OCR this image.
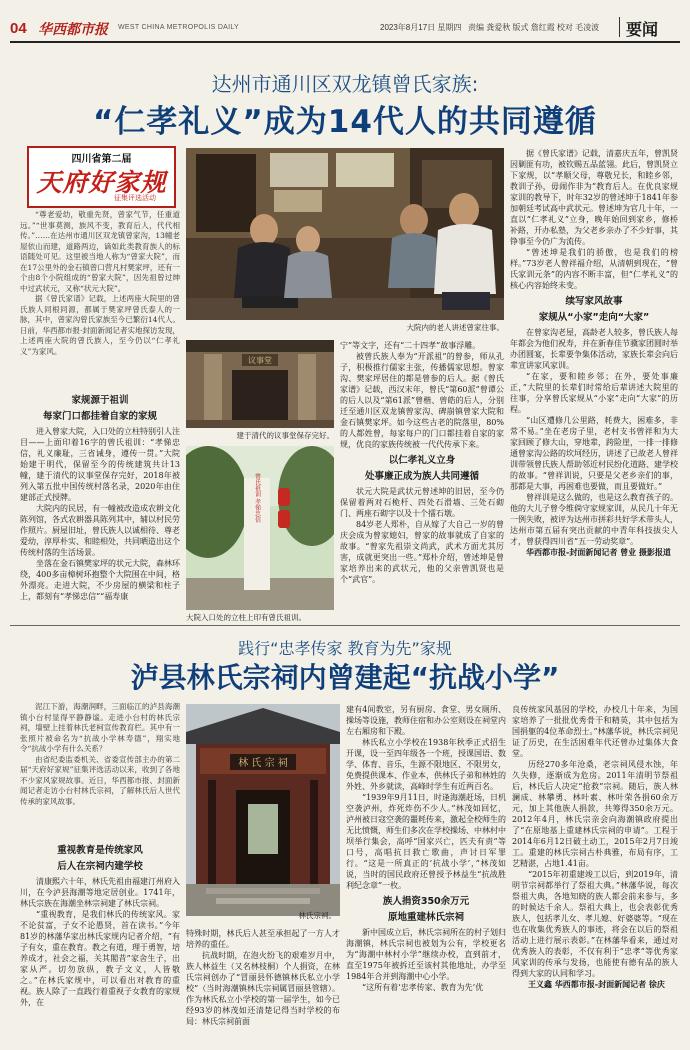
04 华西都市报 WEST CHINA METROPOLIS DAILY	2023年8月17日 星期四 责编 龚爱秋 版式 詹红霞 校对 毛凌波 要闻
达州市通川区双龙镇曾氏家族:
“仁孝礼义”成为14代人的共同遵循
四川省第二届
天府好家规
征集评选活动

“尊老爱幼，敬重先贤，曾家气节，任重道远。”“世事莫测，族风不变，教育后人，代代相传。”……在达州市通川区双龙镇曾家沟，13幢老屋依山而建，道路两边，谪如此类教育族人的标语随处可见。这里被当地人称为“曾家大院”，而在17公里外的金石镇曾口营凡村樊家坪，还有一个由8个小院组成的“曾家大院”，因先祖曾过绅中过武状元，又称“状元大院”。

据《曾氏家谱》记载，上述两座大院里的曾氏族人同根同源，都属于樊家坪曾氏泰人的一脉，其中，曾家沟曾氏家族至今已繁衍14代人。日前，华西都市报·封面新闻记者实地探访发现，上述两座大院的曾氏族人，至今仍以“仁孝礼义”为家风。

家规源于祖训
每家门口都挂着自家的家规

进入曾家大院，入口处的立柱特别引人注目——上面印着16字的曾氏祖训：“孝悌忠信，礼义廉耻，三省诫身，遵传一贯。”大院始建于明代，保留至今的传统建筑共计13幢，建于清代的议事堂保存完好，2018年被列入第五批中国传统村落名录，2020年由住建部正式授牌。

大院内的民居，有一幢被改造成农耕文化陈列馆，各式农耕器具陈列其中，辅以村民劳作照片。厨屋旧址，曾氏族人以诚相待、尊老爱幼，淳厚朴实、和睦相处，共同晒造出这个传统村落的生活场景。

坐落在金石镇樊家坪的状元大院，森林环绕，400多亩樟树环抱整个大院围在中间，格外漂亮。走进大院，不少房屋的横梁和柱子上，都刻有“孝悌忠信”“福寿康

大院内的老人讲述曾家往事。
议事堂
建于清代的议事堂保存完好。
曾氏祖训 孝悌忠信
大院入口处的立柱上印有曾氏祖训。

宁”等文字，还有“二十四孝”故事浮雕。

被曾氏族人奉为“开派祖”的曾参，师从孔子，积极推行儒家主张，传播儒家思想。曾家沟、樊家坪居住的都是曾参的后人。据《曾氏家谱》记载，西汉末年，曾氏“第60派”曾谭公的后人以及“第61派”曾楷、曾皓的后人，分别迁至通川区双龙镇曾家沟、碑崩镇曾家大院和金石镇樊家坪。如今这些古老的院落里，80%的人都姓曾，每家每户的门口都挂着自家的家规，优良的家族传统被一代代传承下来。

以仁孝礼义立身
处事廉正成为族人共同遵循

状元大院是武状元曾述坤的旧居，至今仍保留着两对石桅杆、四处石滑墙、三处石砌门、两座石砌字以及十个擂石墩。

84岁老人郑朴，自从嫁了大自己一岁的曾庆会成为曾家媳妇，曾家的故事就成了自家的故事。“曾家先祖崇文尚武，武术方面尤其厉害，成就更突出一些。”郑朴介绍，曾述坤是曾家培养出来的武状元，他的父亲曾凯贤也是个“武官”。

据《曾氏家谱》记载，清嘉庆五年，曾凯贤因剿匪有功，被钦赐五品蓝翎。此后，曾凯贤立下家规，以“孝顺父母，尊敬兄长，和睦乡邻，教训子孙，毋闹作非为”教育后人。在优良家规家训的教导下，时年32岁的曾述坤于1841年参加朝廷考试高中武状元。曾述坤为官几十年，一直以“仁孝礼义”立身，晚年始回到家乡，修桥补路，开办私塾，为父老乡亲办了不少好事，其铮事至今仍广为流传。

“曾述坤是我们的骄傲，也是我们的榜样。”73岁老人曾祥福介绍，从清朝到现在，“曾氏家训元条”的内容不断丰富，但“仁孝礼义”的核心内容始终未变。

续写家风故事
家规从“小家”走向“大家”

在曾家沟老屋，高龄老人较多，曾氏族人每年都会为他们祝寿，并在新春佳节骥家团圆时举办团圆宴，长辈要争集体活动，家族长辈会向后辈宣讲家风家训。

“在家，要和睦乡邻；在外，要处事廉正，”大院里的长辈们时常给后辈讲述大院里的往事，分享曾氏家规从“小家”走向“大家”的历程。

“山区遭修几公里路，耗费大，困难多，非常不易。”坐在老房子里，老村支书曾祥和为大家回顾了修大山，穿地辈，跨险崖，一排一排修通曾家沟公路的坎坷经历，讲述了已故老人曾祥训带领曾氏族人帮助邻近村民纷化道路、建学校的故事。“曾祥训说，只要是父老乡亲们的事，那都是大事，再困难也要做，而且要做好。”

曾祥训是这么做的，也是这么教育孩子的。他的大儿子曾令维倘守家规家训，从民几十年无一例失败，被评为达州市拼彩共好学术带头人，达州市第五届有突出贡献的中青年科技拔尖人才，曾获得四川省“五一劳动奖章”。

华西都市报-封面新闻记者 曾业 摄影报道

践行“忠孝传家 教育为先”家规
泸县林氏宗祠内曾建起“抗战小学”

泥江下游，海潮润畔，三面临江的泸县海潮镇小台村显得平静静谧。走进小台村的林氏宗祠，墙壁上挂着林氏老柯宣传教育栏。其中有一张照片被命名为“抗战小学林寿德”，翔实地令“抗战小学有什么关系？

由省纪委监委机关、省委宣传部主办的第二届“天府好家规”征集评选活动以来，收到了各地不少家风家规故事。近日，华西都市报、封面新闻记者走访小台村林氏宗祠，了解林氏后人世代传承的家风故事。

重视教育是传统家风
后人在宗祠内建学校

清康熙六十年，林氏先祖由福建汀州府入川，在今泸县海潮等地定居创业。1741年，林氏宗族在海潮坐林宗祠建了林氏宗祠。

“重视教育，是我们林氏的传统家风。家不论贫富，子女不论愚贤，首在读书。”今年81岁的林藩华家出林氏家规内记者介绍，“有子有女，重在教育。教之有道，理于勇智，培养成才，社会之福，关其閣昔”家舍生子，出家从严。切勿放纵，教子文义，人皆敬之。”在林氏家规中，可以看出对教育的重视。族人除了一直践行着重视子女教育的家规外，在

林 氏 宗 祠
林氏宗祠。

特殊时期，林氏后人甚至承担起了一方人才培养的重任。

抗战时期，在泡火纷飞的艰难岁月中，族人林益生（又名林枝桐）个人捐资，在林氏宗祠创办了“冒丽县怀德镇林氏私立小学校”（当时海潮镇林氏宗祠属冒丽县管辖）。作为林氏私立小学校的第一届学生，如今已经93岁的林茂如还清楚记得当时学校的布局：林氏宗祠前面

建有4间教室，另有厨房、食堂、男女厕所、操场等设施，教师住宿和办公室则设在祠堂内左右厢房和下殿。

林氏私立小学校在1938年秋季正式招生开课，设一至四年级各一个班，授课国语、数学、体育、音乐，生源不限地区、不限男女，免费提供课本、作业本，供林氏子弟和林姓的外姓、外乡就读，高峰时学生有近两百名。

“1939年9月11日，时逢海潮赶场，日机空袭泸州，炸死炸伤不少人。”林茂如回忆，泸州被日寇空袭的噩耗传来，激起全校师生的无比愤慨，师生们多次在学校操场、中林村中坝举行集会，高呼“国家兴亡，匹夫有责”等口号，高唱抗日救亡歌曲，声讨日军罪行。“这是一所真正的‘抗战小学’，”林茂如说，当时的国民政府还曾授予林益生“抗战胜利纪念章”一枚。

族人捐资350余万元
原地重建林氏宗祠

新中国成立后，林氏宗祠所在的村子划归海潮镇，林氏宗祠也被划为公有，学校更名为“海潮中林村小学”继续办校，直到前才，直至1975年被拆迁至该村其他地址，办学至1984年合并到海潮中心小学。

“这所有着‘忠孝传家、教育为先’优

良传统家风基因的学校，办校几十年来，为国家培养了一批批优秀骨干和精英，其中包括为国捐躯的4位革命烈士。”林藩华说，林氏宗祠见证了历史，在生活困难年代还曾办过集体大食堂。

历经270多年沧桑，老宗祠风侵水蚀，年久失修，逐渐成为危房。2011年清明节祭祖后，林氏后人决定“抢救”宗祠。随后，族人林澜成、林攀勇、林叶素、林叶荣各捐60余万元，加上其他族人捐款，共筹得350余万元。2012年4月，林氏宗亲会向海潮镇政府提出了“在原地基上重建林氏宗祠的申请”。工程于2014年6月12日破土动工，2015年2月7日竣工。重建的林氏宗祠古朴典雅，布局有序，工艺精湛，占地1.41亩。

“2015年初重建竣工以后，到2019年，清明节宗祠都举行了祭祖大典。”林藩华说，每次祭祖大典，各地知晓的族人都会前来参与，多的时候达千余人。祭祖大典上，也会表彰优秀族人，包括孝儿女、孝儿媳、好婆婆等。“现在也在收集优秀族人的事迹，将会在以后的祭祖活动上进行展示表彰。”在林藩华看来，通过对优秀族人的表彰，不仅有利于“忠孝”等优秀家风家训的传承与发扬，也能使有德有品的族人得到大家的认同和学习。

王义鑫 华西都市报-封面新闻记者 徐庆
